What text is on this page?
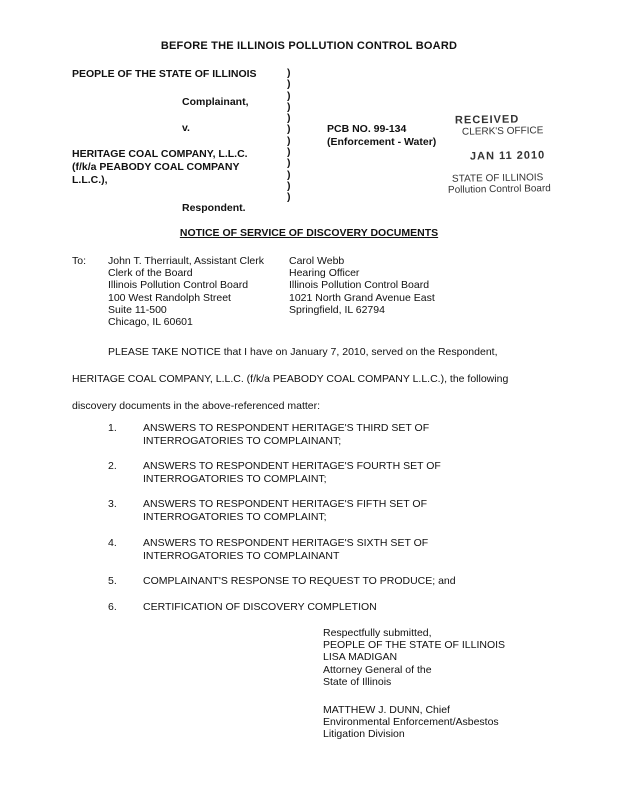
BEFORE THE ILLINOIS POLLUTION CONTROL BOARD
PEOPLE OF THE STATE OF ILLINOIS
Complainant,
v.
HERITAGE COAL COMPANY, L.L.C.
(f/k/a PEABODY COAL COMPANY
L.L.C.),
Respondent.
)
)
)
)
)
)
)
)
)
)
)
)
PCB NO. 99-134
(Enforcement - Water)
RECEIVED
CLERK'S OFFICE
JAN 11 2010
STATE OF ILLINOIS
Pollution Control Board
NOTICE OF SERVICE OF DISCOVERY DOCUMENTS
To: John T. Therriault, Assistant Clerk
Clerk of the Board
Illinois Pollution Control Board
100 West Randolph Street
Suite 11-500
Chicago, IL 60601
Carol Webb
Hearing Officer
Illinois Pollution Control Board
1021 North Grand Avenue East
Springfield, IL 62794
PLEASE TAKE NOTICE that I have on January 7, 2010, served on the Respondent,
HERITAGE COAL COMPANY, L.L.C. (f/k/a PEABODY COAL COMPANY L.L.C.), the following
discovery documents in the above-referenced matter:
1. ANSWERS TO RESPONDENT HERITAGE'S THIRD SET OF
INTERROGATORIES TO COMPLAINANT;
2. ANSWERS TO RESPONDENT HERITAGE'S FOURTH SET OF
INTERROGATORIES TO COMPLAINT;
3. ANSWERS TO RESPONDENT HERITAGE'S FIFTH SET OF
INTERROGATORIES TO COMPLAINT;
4. ANSWERS TO RESPONDENT HERITAGE'S SIXTH SET OF
INTERROGATORIES TO COMPLAINANT
5. COMPLAINANT'S RESPONSE TO REQUEST TO PRODUCE; and
6. CERTIFICATION OF DISCOVERY COMPLETION
Respectfully submitted,
PEOPLE OF THE STATE OF ILLINOIS
LISA MADIGAN
Attorney General of the
State of Illinois
MATTHEW J. DUNN, Chief
Environmental Enforcement/Asbestos
Litigation Division
